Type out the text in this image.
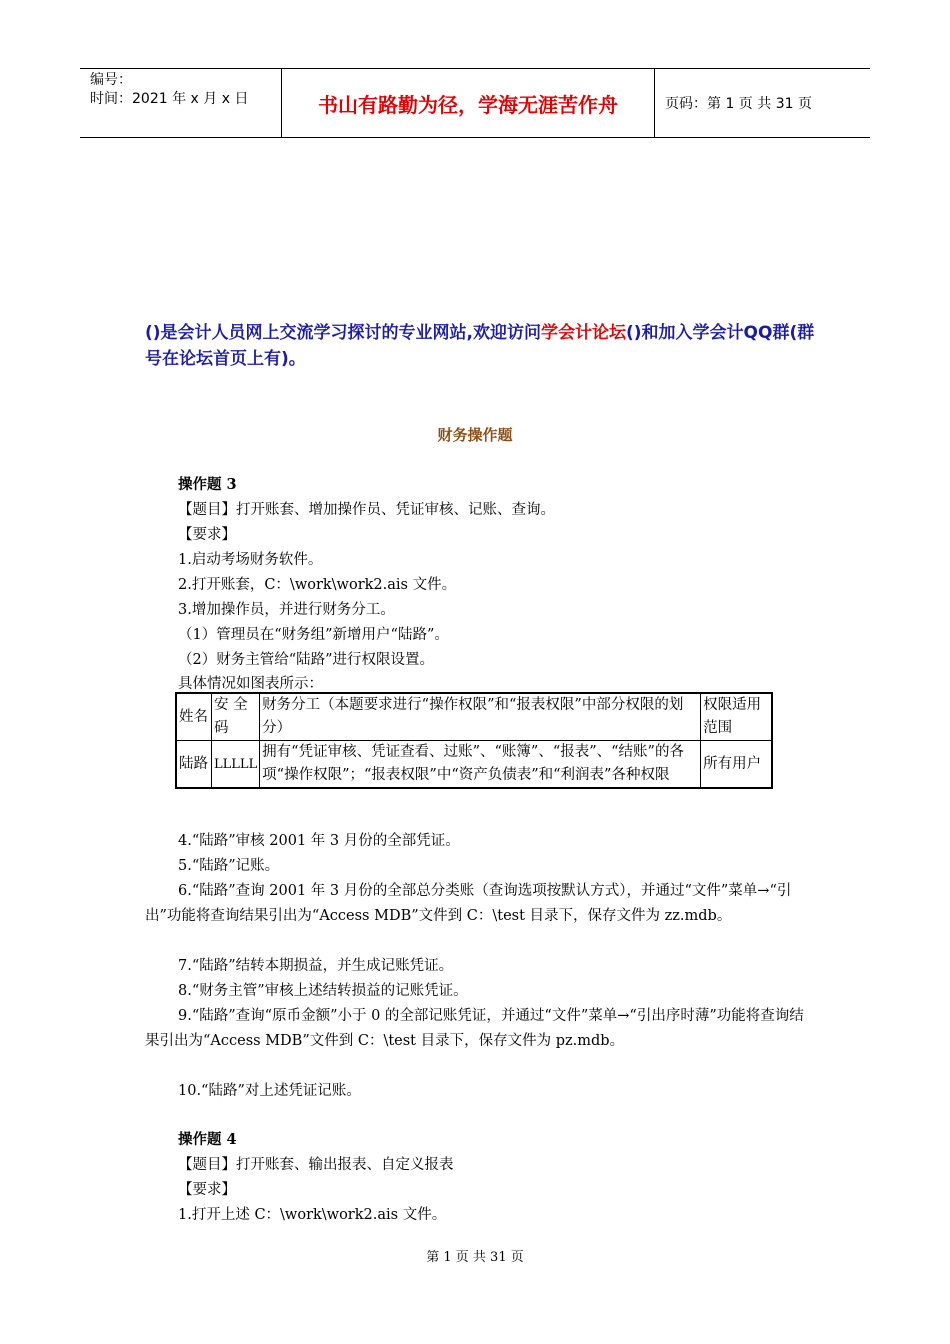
编号：
时间：2021 年 x 月 x 日	书山有路勤为径，学海无涯苦作舟	页码：第 1 页 共 31 页
()是会计人员网上交流学习探讨的专业网站,欢迎访问学会计论坛()和加入学会计QQ群(群号在论坛首页上有)。
财务操作题
操作题 3
【题目】打开账套、增加操作员、凭证审核、记账、查询。
【要求】
1.启动考场财务软件。
2.打开账套，C：\work\work2.ais 文件。
3.增加操作员，并进行财务分工。
（1）管理员在“财务组”新增用户“陆路”。
（2）财务主管给“陆路”进行权限设置。
具体情况如图表所示：
姓名	安 全码	财务分工（本题要求进行“操作权限”和“报表权限”中部分权限的划分）	权限适用范围
陆路	LLLLL	拥有“凭证审核、凭证查看、过账”、“账簿”、“报表”、“结账”的各项“操作权限”；“报表权限”中“资产负债表”和“利润表”各种权限	所有用户
4.“陆路”审核 2001 年 3 月份的全部凭证。
5.“陆路”记账。
6.“陆路”查询 2001 年 3 月份的全部总分类账（查询选项按默认方式），并通过“文件”菜单→“引出”功能将查询结果引出为“Access MDB”文件到 C：\test 目录下，保存文件为 zz.mdb。
7.“陆路”结转本期损益，并生成记账凭证。
8.“财务主管”审核上述结转损益的记账凭证。
9.“陆路”查询“原币金额”小于 0 的全部记账凭证，并通过“文件”菜单→“引出序时薄”功能将查询结果引出为“Access MDB”文件到 C：\test 目录下，保存文件为 pz.mdb。
10.“陆路”对上述凭证记账。
操作题 4
【题目】打开账套、输出报表、自定义报表
【要求】
1.打开上述 C：\work\work2.ais 文件。
第 1 页 共 31 页
